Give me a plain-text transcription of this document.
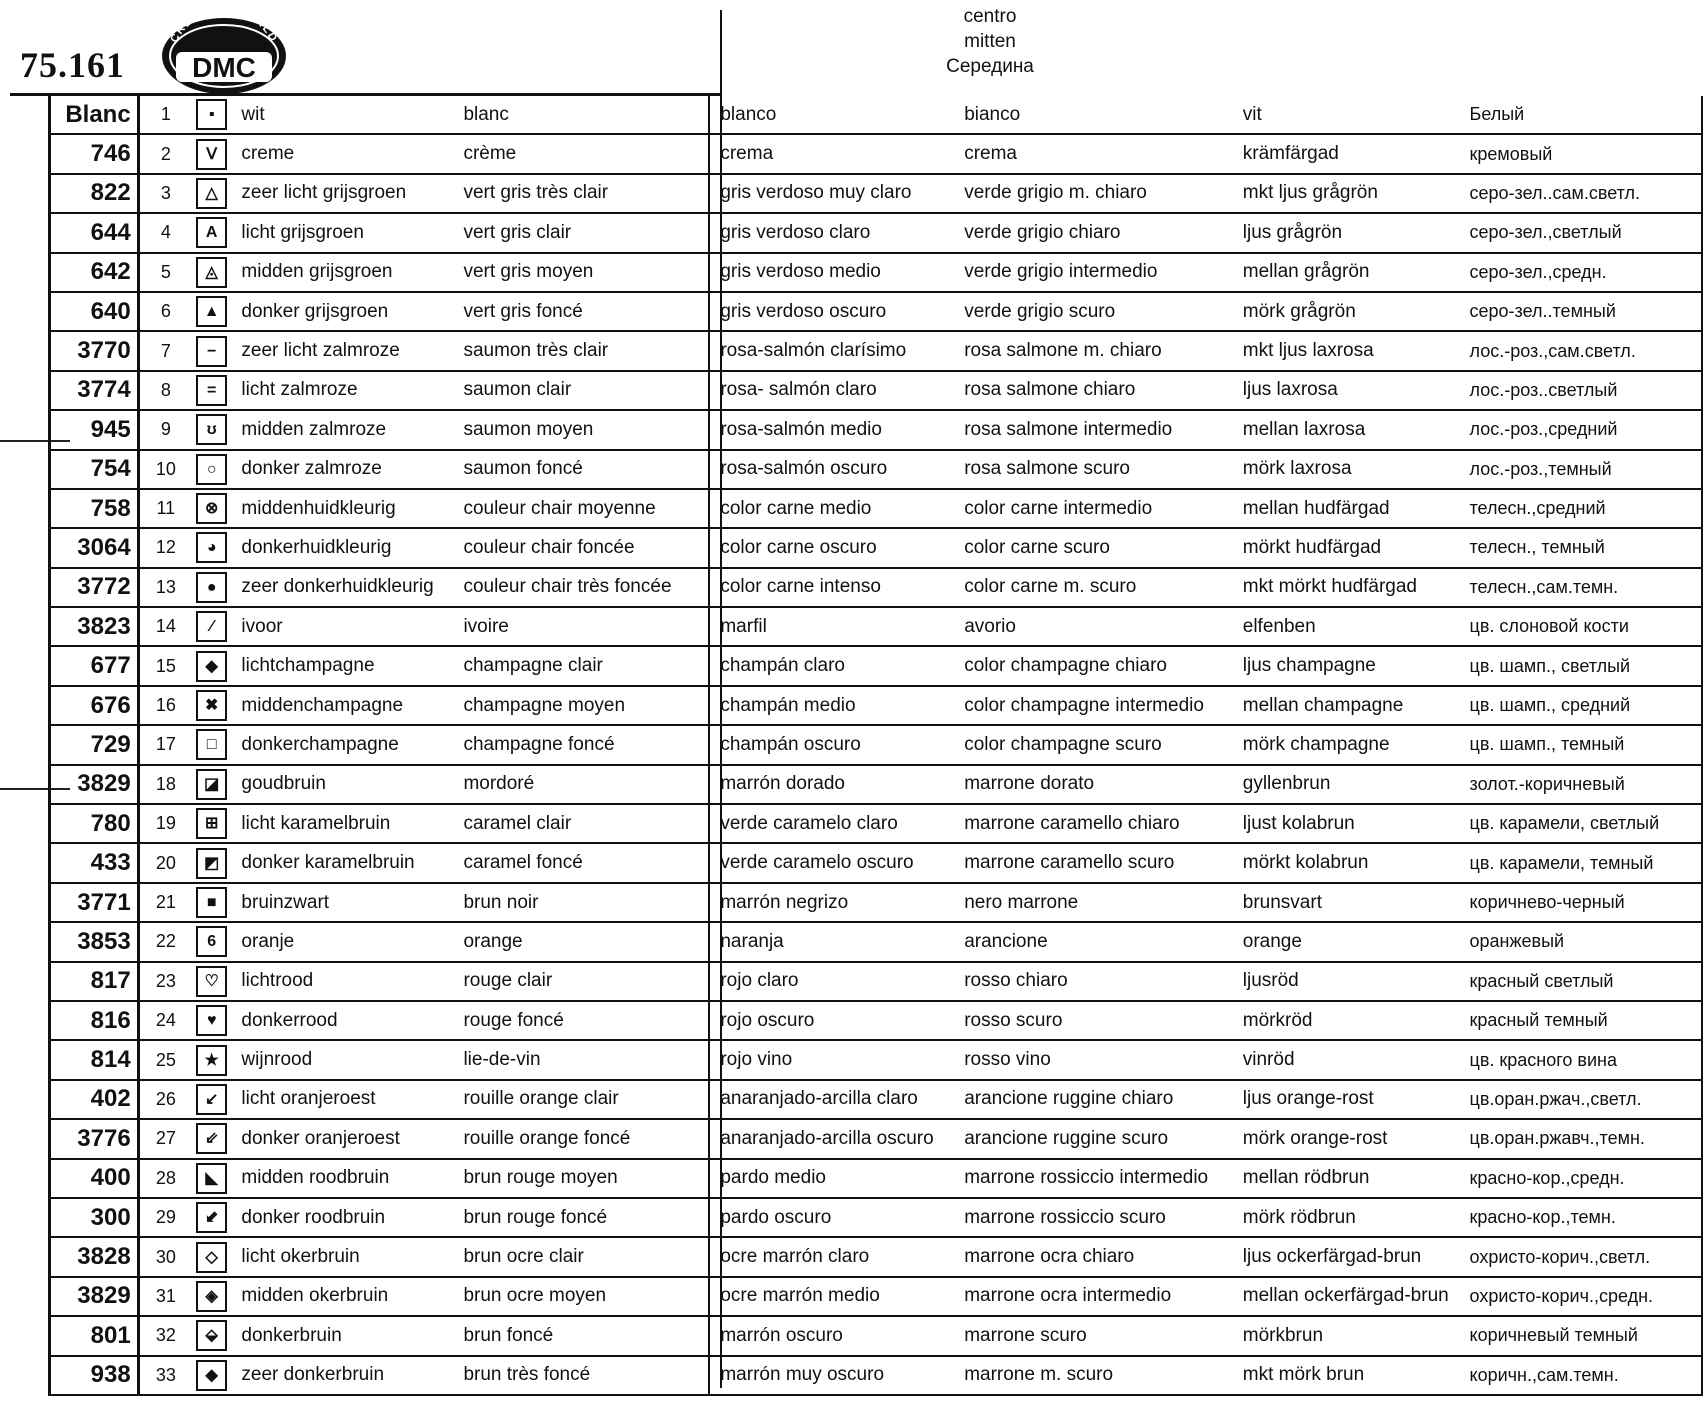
75.161
CREATIVE WORLD
DMC
centro
mitten
Середина
Blanc	1	▪	wit	blanc	blanco	bianco	vit	Белый
746	2	Ⅴ	creme	crème	crema	crema	krämfärgad	кремовый
822	3	△	zeer licht grijsgroen	vert gris très clair	gris verdoso muy claro	verde grigio m. chiaro	mkt ljus grågrön	серо-зел..сам.светл.
644	4	A	licht grijsgroen	vert gris clair	gris verdoso claro	verde grigio chiaro	ljus grågrön	серо-зел.,светлый
642	5	◬	midden grijsgroen	vert gris moyen	gris verdoso medio	verde grigio intermedio	mellan grågrön	серо-зел.,средн.
640	6	▲	donker grijsgroen	vert gris foncé	gris verdoso oscuro	verde grigio scuro	mörk grågrön	серо-зел..темный
3770	7	−	zeer licht zalmroze	saumon très clair	rosa-salmón clarísimo	rosa salmone m. chiaro	mkt ljus laxrosa	лос.-роз.,сам.светл.
3774	8	=	licht zalmroze	saumon clair	rosa- salmón claro	rosa salmone chiaro	ljus laxrosa	лос.-роз..светлый
945	9	ʊ	midden zalmroze	saumon moyen	rosa-salmón medio	rosa salmone intermedio	mellan laxrosa	лос.-роз.,средний
754	10	○	donker zalmroze	saumon foncé	rosa-salmón oscuro	rosa salmone scuro	mörk laxrosa	лос.-роз.,темный
758	11	⊗	middenhuidkleurig	couleur chair moyenne	color carne medio	color carne intermedio	mellan hudfärgad	телесн.,средний
3064	12	◕	donkerhuidkleurig	couleur chair foncée	color carne oscuro	color carne scuro	mörkt hudfärgad	телесн., темный
3772	13	●	zeer donkerhuidkleurig	couleur chair très foncée	color carne intenso	color carne m. scuro	mkt mörkt hudfärgad	телесн.,сам.темн.
3823	14	∕	ivoor	ivoire	marfil	avorio	elfenben	цв. слоновой кости
677	15	◆	lichtchampagne	champagne clair	champán claro	color champagne chiaro	ljus champagne	цв. шамп., светлый
676	16	✖	middenchampagne	champagne moyen	champán medio	color champagne intermedio	mellan champagne	цв. шамп., средний
729	17	□	donkerchampagne	champagne foncé	champán oscuro	color champagne scuro	mörk champagne	цв. шамп., темный
3829	18	◪	goudbruin	mordoré	marrón dorado	marrone dorato	gyllenbrun	золот.-коричневый
780	19	⊞	licht karamelbruin	caramel clair	verde caramelo claro	marrone caramello chiaro	ljust kolabrun	цв. карамели, светлый
433	20	◩	donker karamelbruin	caramel foncé	verde caramelo oscuro	marrone caramello scuro	mörkt kolabrun	цв. карамели, темный
3771	21	■	bruinzwart	brun noir	marrón negrizo	nero marrone	brunsvart	коричнево-черный
3853	22	6	oranje	orange	naranja	arancione	orange	оранжевый
817	23	♡	lichtrood	rouge clair	rojo claro	rosso chiaro	ljusröd	красный светлый
816	24	♥	donkerrood	rouge foncé	rojo oscuro	rosso scuro	mörkröd	красный темный
814	25	★	wijnrood	lie-de-vin	rojo vino	rosso vino	vinröd	цв. красного вина
402	26	↙	licht oranjeroest	rouille orange clair	anaranjado-arcilla claro	arancione ruggine chiaro	ljus orange-rost	цв.оран.ржач.,светл.
3776	27	⇙	donker oranjeroest	rouille orange foncé	anaranjado-arcilla oscuro	arancione ruggine scuro	mörk orange-rost	цв.оран.ржавч.,темн.
400	28	◣	midden roodbruin	brun rouge moyen	pardo medio	marrone rossiccio intermedio	mellan rödbrun	красно-кор.,средн.
300	29	⬋	donker roodbruin	brun rouge foncé	pardo oscuro	marrone rossiccio scuro	mörk rödbrun	красно-кор.,темн.
3828	30	◇	licht okerbruin	brun ocre clair	ocre marrón claro	marrone ocra chiaro	ljus ockerfärgad-brun	охристо-корич.,светл.
3829	31	◈	midden okerbruin	brun ocre moyen	ocre marrón medio	marrone ocra intermedio	mellan ockerfärgad-brun	охристо-корич.,средн.
801	32	⬙	donkerbruin	brun foncé	marrón oscuro	marrone scuro	mörkbrun	коричневый темный
938	33	◆	zeer donkerbruin	brun très foncé	marrón muy oscuro	marrone m. scuro	mkt mörk brun	коричн.,сам.темн.
